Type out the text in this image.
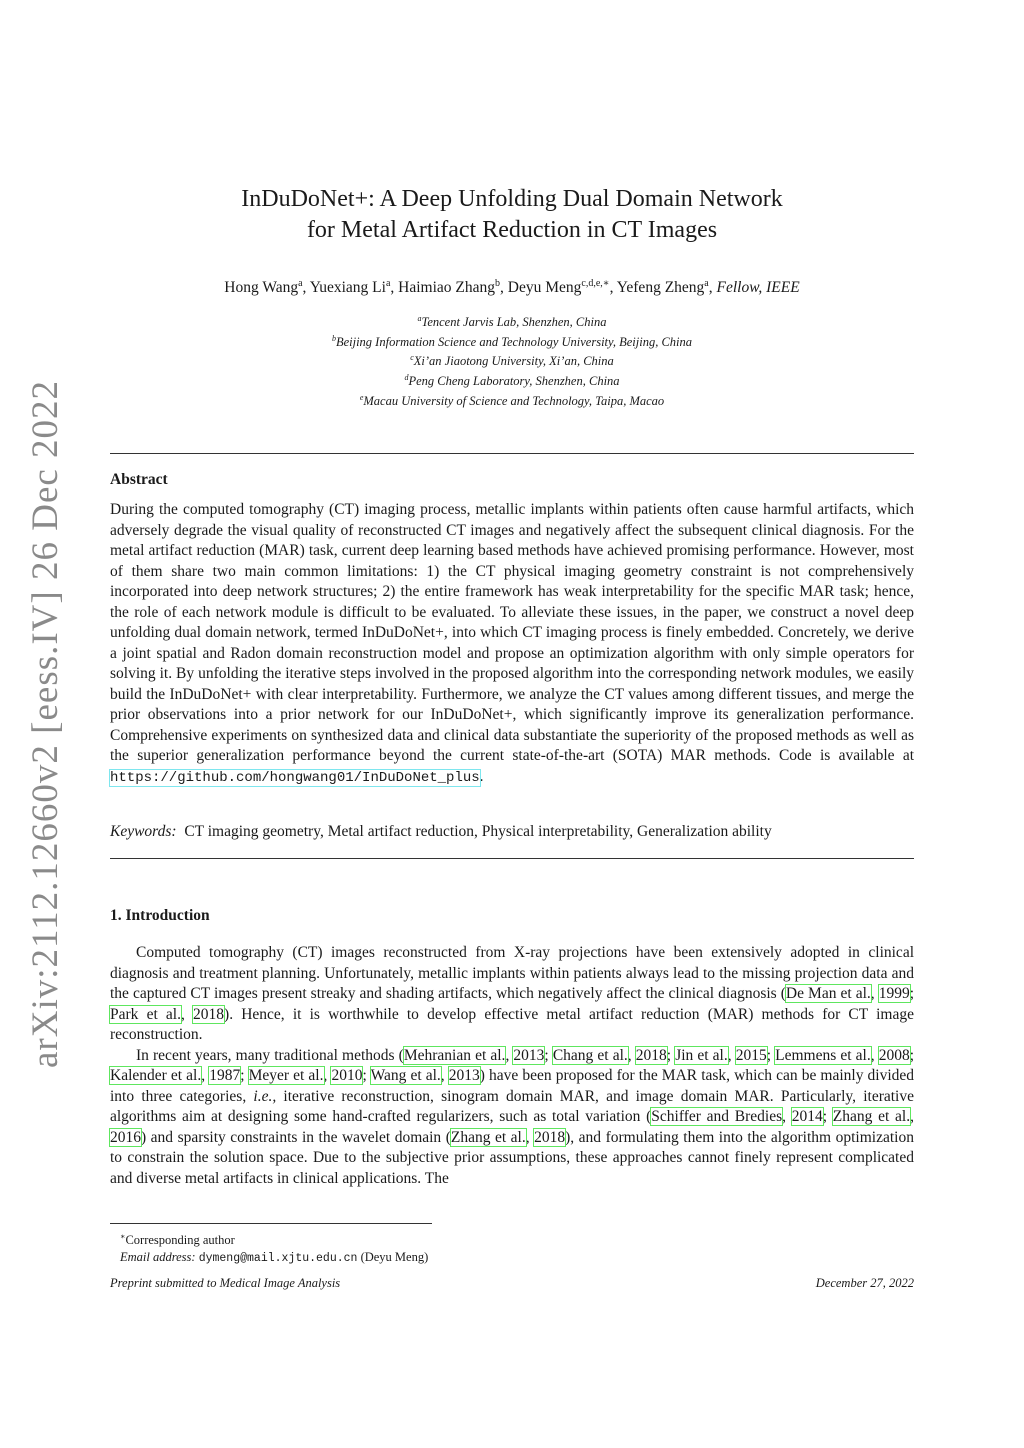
arXiv:2112.12660v2 [eess.IV] 26 Dec 2022
InDuDoNet+: A Deep Unfolding Dual Domain Network
for Metal Artifact Reduction in CT Images
Hong Wang$^a$, Yuexiang Li$^a$, Haimiao Zhang$^b$, Deyu Meng$^{c,d,e,∗}$, Yefeng Zheng$^a$, Fellow, IEEE
$^a$Tencent Jarvis Lab, Shenzhen, China
$^b$Beijing Information Science and Technology University, Beijing, China
$^c$Xi’an Jiaotong University, Xi’an, China
$^d$Peng Cheng Laboratory, Shenzhen, China
$^e$Macau University of Science and Technology, Taipa, Macao
Abstract

During the computed tomography (CT) imaging process, metallic implants within patients often cause harmful artifacts, which adversely degrade the visual quality of reconstructed CT images and negatively affect the subsequent clinical diagnosis. For the metal artifact reduction (MAR) task, current deep learning based methods have achieved promising performance. However, most of them share two main common limitations: 1) the CT physical imaging geometry constraint is not comprehensively incorporated into deep network structures; 2) the entire framework has weak interpretability for the specific MAR task; hence, the role of each network module is difficult to be evaluated. To alleviate these issues, in the paper, we construct a novel deep unfolding dual domain network, termed InDuDoNet+, into which CT imaging process is finely embedded. Concretely, we derive a joint spatial and Radon domain reconstruction model and propose an optimization algorithm with only simple operators for solving it. By unfolding the iterative steps involved in the proposed algorithm into the corresponding network modules, we easily build the InDuDoNet+ with clear interpretability. Furthermore, we analyze the CT values among different tissues, and merge the prior observations into a prior network for our InDuDoNet+, which significantly improve its generalization performance. Comprehensive experiments on synthesized data and clinical data substantiate the superiority of the proposed methods as well as the superior generalization performance beyond the current state-of-the-art (SOTA) MAR methods. Code is available at https://github.com/hongwang01/InDuDoNet_plus.

Keywords: CT imaging geometry, Metal artifact reduction, Physical interpretability, Generalization ability
1. Introduction

Computed tomography (CT) images reconstructed from X-ray projections have been extensively adopted in clinical diagnosis and treatment planning. Unfortunately, metallic implants within patients always lead to the missing projection data and the captured CT images present streaky and shading artifacts, which negatively affect the clinical diagnosis (De Man et al., 1999; Park et al., 2018). Hence, it is worthwhile to develop effective metal artifact reduction (MAR) methods for CT image reconstruction.

In recent years, many traditional methods (Mehranian et al., 2013; Chang et al., 2018; Jin et al., 2015; Lemmens et al., 2008; Kalender et al., 1987; Meyer et al., 2010; Wang et al., 2013) have been proposed for the MAR task, which can be mainly divided into three categories, i.e., iterative reconstruction, sinogram domain MAR, and image domain MAR. Particularly, iterative algorithms aim at designing some hand-crafted regularizers, such as total variation (Schiffer and Bredies, 2014; Zhang et al., 2016) and sparsity constraints in the wavelet domain (Zhang et al., 2018), and formulating them into the algorithm optimization to constrain the solution space. Due to the subjective prior assumptions, these approaches cannot finely represent complicated and diverse metal artifacts in clinical applications. The

∗Corresponding author
Email address: dymeng@mail.xjtu.edu.cn (Deyu Meng)
Preprint submitted to Medical Image Analysis	December 27, 2022
